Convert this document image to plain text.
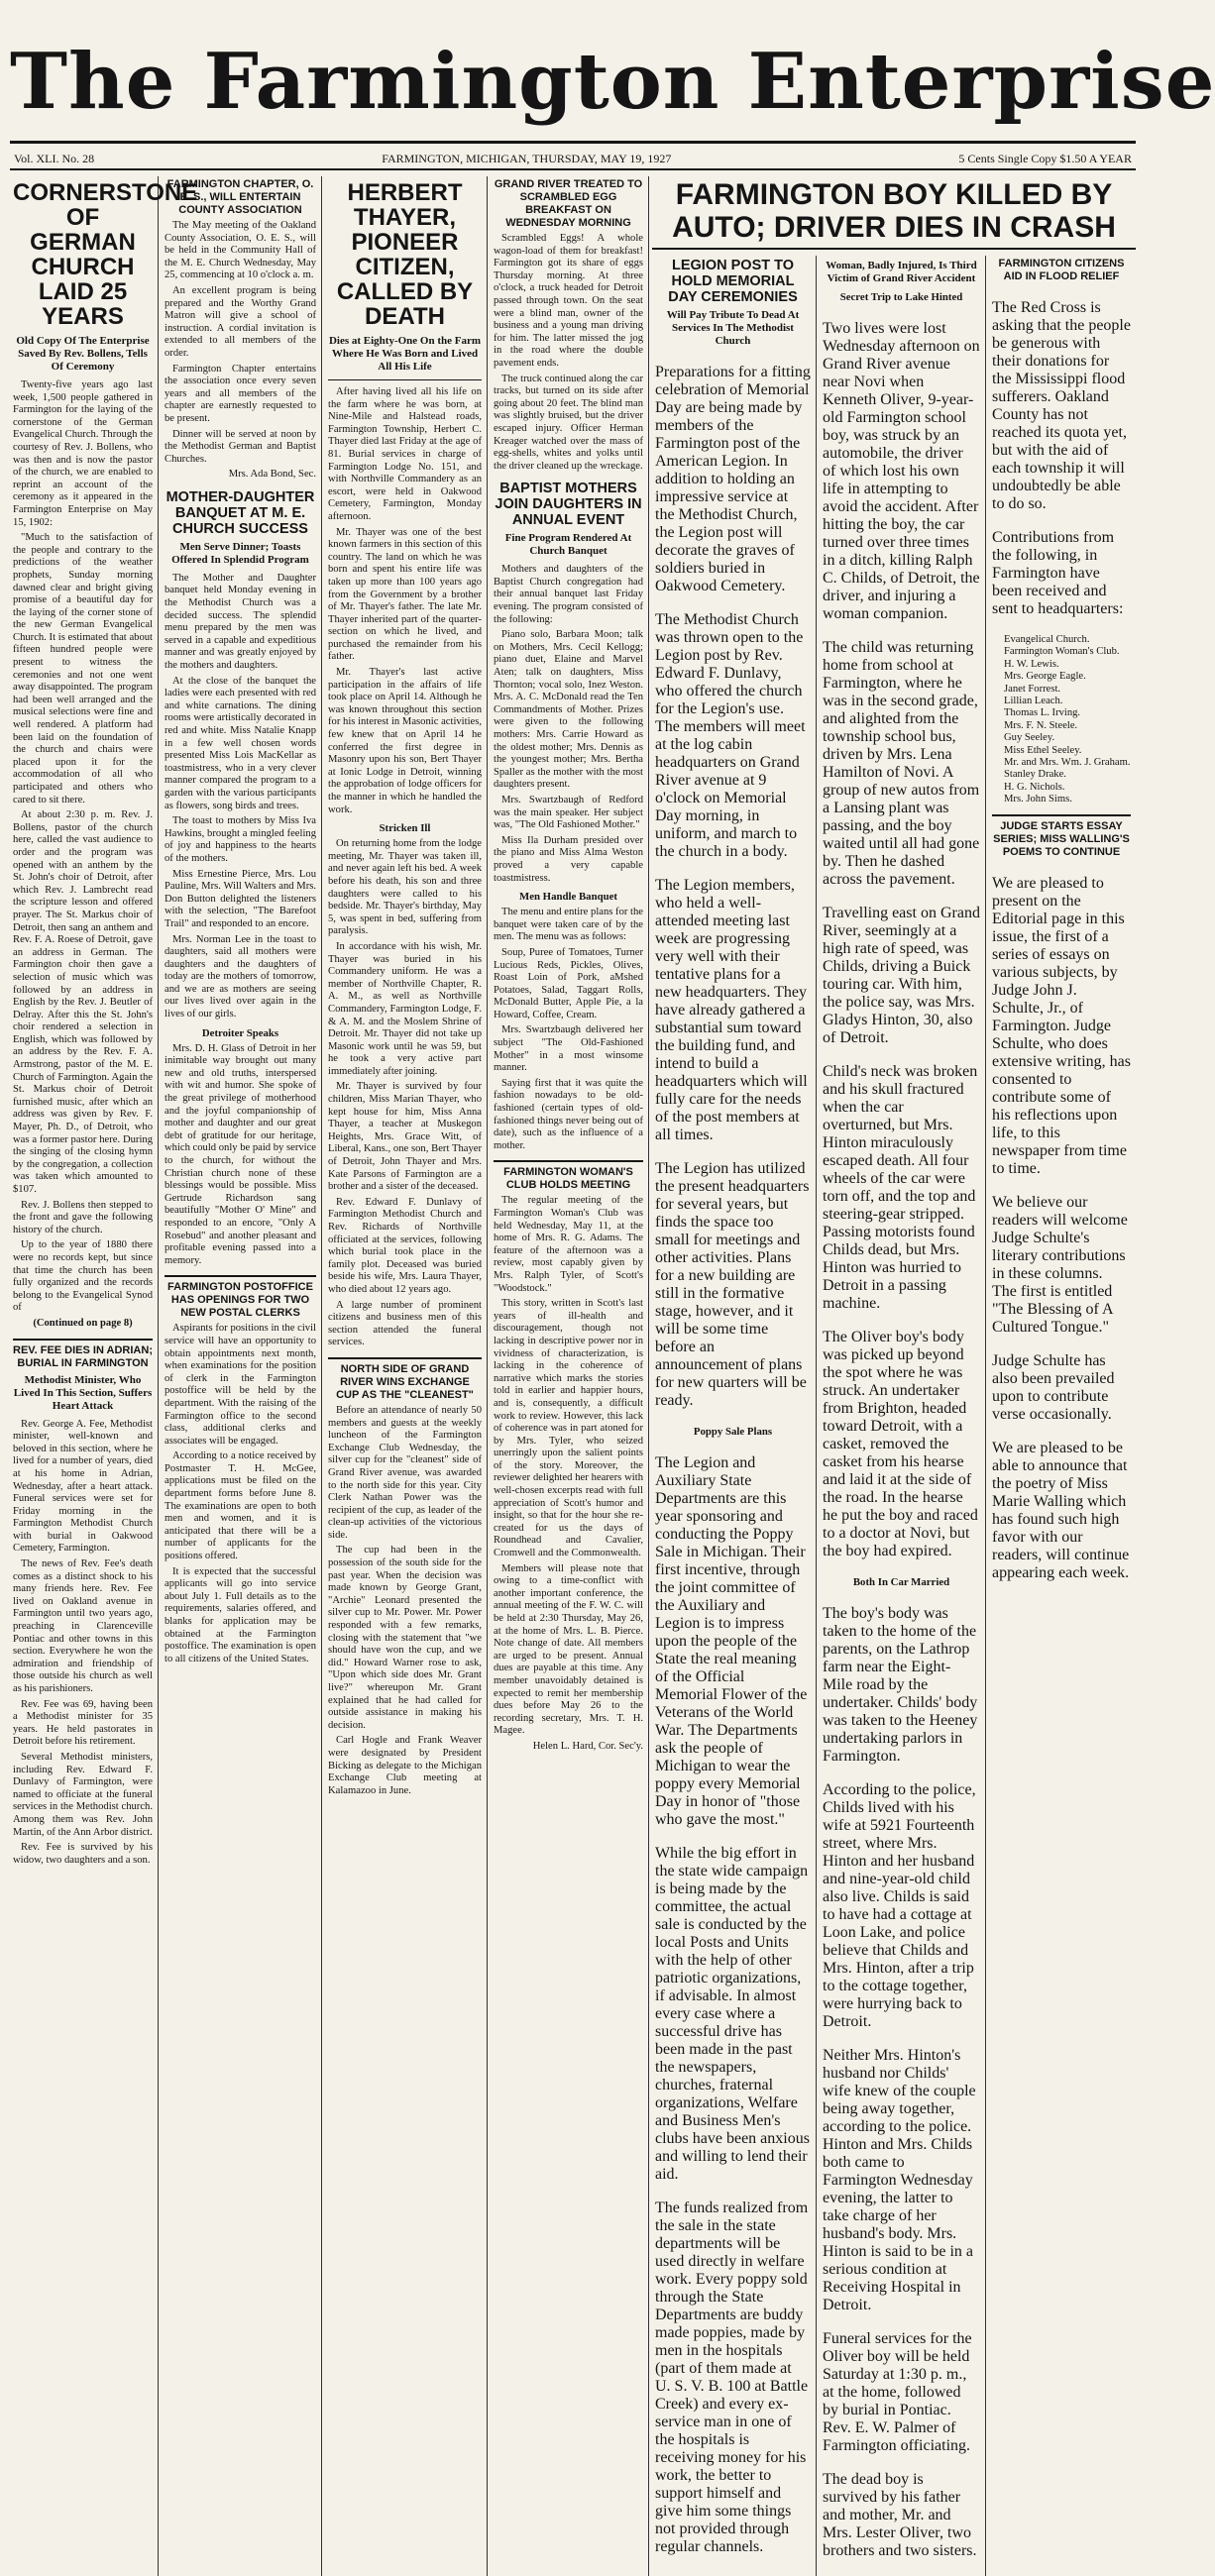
The Farmington Enterprise
Vol. XLI. No. 28	FARMINGTON, MICHIGAN, THURSDAY, MAY 19, 1927	5 Cents Single Copy $1.50 A YEAR
CORNERSTONE OF GERMAN CHURCH LAID 25 YEARS
Old Copy Of The Enterprise Saved By Rev. Bollens, Tells Of Ceremony

Twenty-five years ago last week, 1,500 people gathered in Farmington for the laying of the cornerstone of the German Evangelical Church. Through the courtesy of Rev. J. Bollens, who was then and is now the pastor of the church, we are enabled to reprint an account of the ceremony as it appeared in the Farmington Enterprise on May 15, 1902:

"Much to the satisfaction of the people and contrary to the predictions of the weather prophets, Sunday morning dawned clear and bright giving promise of a beautiful day for the laying of the corner stone of the new German Evangelical Church. It is estimated that about fifteen hundred people were present to witness the ceremonies and not one went away disappointed. The program had been well arranged and the musical selections were fine and well rendered. A platform had been laid on the foundation of the church and chairs were placed upon it for the accommodation of all who participated and others who cared to sit there.

At about 2:30 p. m. Rev. J. Bollens, pastor of the church here, called the vast audience to order and the program was opened with an anthem by the St. John's choir of Detroit, after which Rev. J. Lambrecht read the scripture lesson and offered prayer. The St. Markus choir of Detroit, then sang an anthem and Rev. F. A. Roese of Detroit, gave an address in German. The Farmington choir then gave a selection of music which was followed by an address in English by the Rev. J. Beutler of Delray. After this the St. John's choir rendered a selection in English, which was followed by an address by the Rev. F. A. Armstrong, pastor of the M. E. Church of Farmington. Again the St. Markus choir of Detroit furnished music, after which an address was given by Rev. F. Mayer, Ph. D., of Detroit, who was a former pastor here. During the singing of the closing hymn by the congregation, a collection was taken which amounted to $107.

Rev. J. Bollens then stepped to the front and gave the following history of the church.

Up to the year of 1880 there were no records kept, but since that time the church has been fully organized and the records belong to the Evangelical Synod of

(Continued on page 8)

REV. FEE DIES IN ADRIAN; BURIAL IN FARMINGTON
Methodist Minister, Who Lived In This Section, Suffers Heart Attack

Rev. George A. Fee, Methodist minister, well-known and beloved in this section, where he lived for a number of years, died at his home in Adrian, Wednesday, after a heart attack. Funeral services were set for Friday morning in the Farmington Methodist Church with burial in Oakwood Cemetery, Farmington.

The news of Rev. Fee's death comes as a distinct shock to his many friends here. Rev. Fee lived on Oakland avenue in Farmington until two years ago, preaching in Clarenceville Pontiac and other towns in this section. Everywhere he won the admiration and friendship of those outside his church as well as his parishioners.

Rev. Fee was 69, having been a Methodist minister for 35 years. He held pastorates in Detroit before his retirement.

Several Methodist ministers, including Rev. Edward F. Dunlavy of Farmington, were named to officiate at the funeral services in the Methodist church. Among them was Rev. John Martin, of the Ann Arbor district.

Rev. Fee is survived by his widow, two daughters and a son.

FARMINGTON CHAPTER, O. E. S., WILL ENTERTAIN COUNTY ASSOCIATION

The May meeting of the Oakland County Association, O. E. S., will be held in the Community Hall of the M. E. Church Wednesday, May 25, commencing at 10 o'clock a. m.

An excellent program is being prepared and the Worthy Grand Matron will give a school of instruction. A cordial invitation is extended to all members of the order.

Farmington Chapter entertains the association once every seven years and all members of the chapter are earnestly requested to be present.

Dinner will be served at noon by the Methodist German and Baptist Churches.

Mrs. Ada Bond, Sec.

MOTHER-DAUGHTER BANQUET AT M. E. CHURCH SUCCESS
Men Serve Dinner; Toasts Offered In Splendid Program

The Mother and Daughter banquet held Monday evening in the Methodist Church was a decided success. The splendid menu prepared by the men was served in a capable and expeditious manner and was greatly enjoyed by the mothers and daughters.

At the close of the banquet the ladies were each presented with red and white carnations. The dining rooms were artistically decorated in red and white. Miss Natalie Knapp in a few well chosen words presented Miss Lois MacKellar as toastmistress, who in a very clever manner compared the program to a garden with the various participants as flowers, song birds and trees.

The toast to mothers by Miss Iva Hawkins, brought a mingled feeling of joy and happiness to the hearts of the mothers.

Miss Ernestine Pierce, Mrs. Lou Pauline, Mrs. Will Walters and Mrs. Don Button delighted the listeners with the selection, "The Barefoot Trail" and responded to an encore.

Mrs. Norman Lee in the toast to daughters, said all mothers were daughters and the daughters of today are the mothers of tomorrow, and we are as mothers are seeing our lives lived over again in the lives of our girls.

Detroiter Speaks

Mrs. D. H. Glass of Detroit in her inimitable way brought out many new and old truths, interspersed with wit and humor. She spoke of the great privilege of motherhood and the joyful companionship of mother and daughter and our great debt of gratitude for our heritage, which could only be paid by service to the church, for without the Christian church none of these blessings would be possible. Miss Gertrude Richardson sang beautifully "Mother O' Mine" and responded to an encore, "Only A Rosebud" and another pleasant and profitable evening passed into a memory.

FARMINGTON POSTOFFICE HAS OPENINGS FOR TWO NEW POSTAL CLERKS

Aspirants for positions in the civil service will have an opportunity to obtain appointments next month, when examinations for the position of clerk in the Farmington postoffice will be held by the department. With the raising of the Farmington office to the second class, additional clerks and associates will be engaged.

According to a notice received by Postmaster T. H. McGee, applications must be filed on the department forms before June 8. The examinations are open to both men and women, and it is anticipated that there will be a number of applicants for the positions offered.

It is expected that the successful applicants will go into service about July 1. Full details as to the requirements, salaries offered, and blanks for application may be obtained at the Farmington postoffice. The examination is open to all citizens of the United States.

HERBERT THAYER, PIONEER CITIZEN, CALLED BY DEATH
Dies at Eighty-One On the Farm Where He Was Born and Lived All His Life

After having lived all his life on the farm where he was born, at Nine-Mile and Halstead roads, Farmington Township, Herbert C. Thayer died last Friday at the age of 81. Burial services in charge of Farmington Lodge No. 151, and with Northville Commandery as an escort, were held in Oakwood Cemetery, Farmington, Monday afternoon.

Mr. Thayer was one of the best known farmers in this section of this country. The land on which he was born and spent his entire life was taken up more than 100 years ago from the Government by a brother of Mr. Thayer's father. The late Mr. Thayer inherited part of the quarter-section on which he lived, and purchased the remainder from his father.

Mr. Thayer's last active participation in the affairs of life took place on April 14. Although he was known throughout this section for his interest in Masonic activities, few knew that on April 14 he conferred the first degree in Masonry upon his son, Bert Thayer at Ionic Lodge in Detroit, winning the approbation of lodge officers for the manner in which he handled the work.

Stricken Ill

On returning home from the lodge meeting, Mr. Thayer was taken ill, and never again left his bed. A week before his death, his son and three daughters were called to his bedside. Mr. Thayer's birthday, May 5, was spent in bed, suffering from paralysis.

In accordance with his wish, Mr. Thayer was buried in his Commandery uniform. He was a member of Northville Chapter, R. A. M., as well as Northville Commandery, Farmington Lodge, F. & A. M. and the Moslem Shrine of Detroit. Mr. Thayer did not take up Masonic work until he was 59, but he took a very active part immediately after joining.

Mr. Thayer is survived by four children, Miss Marian Thayer, who kept house for him, Miss Anna Thayer, a teacher at Muskegon Heights, Mrs. Grace Witt, of Liberal, Kans., one son, Bert Thayer of Detroit, John Thayer and Mrs. Kate Parsons of Farmington are a brother and a sister of the deceased.

Rev. Edward F. Dunlavy of Farmington Methodist Church and Rev. Richards of Northville officiated at the services, following which burial took place in the family plot. Deceased was buried beside his wife, Mrs. Laura Thayer, who died about 12 years ago.

A large number of prominent citizens and business men of this section attended the funeral services.

NORTH SIDE OF GRAND RIVER WINS EXCHANGE CUP AS THE "CLEANEST"

Before an attendance of nearly 50 members and guests at the weekly luncheon of the Farmington Exchange Club Wednesday, the silver cup for the "cleanest" side of Grand River avenue, was awarded to the north side for this year. City Clerk Nathan Power was the recipient of the cup, as leader of the clean-up activities of the victorious side.

The cup had been in the possession of the south side for the past year. When the decision was made known by George Grant, "Archie" Leonard presented the silver cup to Mr. Power. Mr. Power responded with a few remarks, closing with the statement that "we should have won the cup, and we did." Howard Warner rose to ask, "Upon which side does Mr. Grant live?" whereupon Mr. Grant explained that he had called for outside assistance in making his decision.

Carl Hogle and Frank Weaver were designated by President Bicking as delegate to the Michigan Exchange Club meeting at Kalamazoo in June.

GRAND RIVER TREATED TO SCRAMBLED EGG BREAKFAST ON WEDNESDAY MORNING

Scrambled Eggs! A whole wagon-load of them for breakfast! Farmington got its share of eggs Thursday morning. At three o'clock, a truck headed for Detroit passed through town. On the seat were a blind man, owner of the business and a young man driving for him. The latter missed the jog in the road where the double pavement ends.

The truck continued along the car tracks, but turned on its side after going about 20 feet. The blind man was slightly bruised, but the driver escaped injury. Officer Herman Kreager watched over the mass of egg-shells, whites and yolks until the driver cleaned up the wreckage.

BAPTIST MOTHERS JOIN DAUGHTERS IN ANNUAL EVENT
Fine Program Rendered At Church Banquet

Mothers and daughters of the Baptist Church congregation had their annual banquet last Friday evening. The program consisted of the following:

Piano solo, Barbara Moon; talk on Mothers, Mrs. Cecil Kellogg; piano duet, Elaine and Marvel Aten; talk on daughters, Miss Thornton; vocal solo, Inez Weston. Mrs. A. C. McDonald read the Ten Commandments of Mother. Prizes were given to the following mothers: Mrs. Carrie Howard as the oldest mother; Mrs. Dennis as the youngest mother; Mrs. Bertha Spaller as the mother with the most daughters present.

Mrs. Swartzbaugh of Redford was the main speaker. Her subject was, "The Old Fashioned Mother."

Miss Ila Durham presided over the piano and Miss Alma Weston proved a very capable toastmistress.

Men Handle Banquet

The menu and entire plans for the banquet were taken care of by the men. The menu was as follows:

Soup, Puree of Tomatoes, Turner Lucious Reds, Pickles, Olives, Roast Loin of Pork, aMshed Potatoes, Salad, Taggart Rolls, McDonald Butter, Apple Pie, a la Howard, Coffee, Cream.

Mrs. Swartzbaugh delivered her subject "The Old-Fashioned Mother" in a most winsome manner.

Saying first that it was quite the fashion nowadays to be old-fashioned (certain types of old-fashioned things never being out of date), such as the influence of a mother.

FARMINGTON WOMAN'S CLUB HOLDS MEETING

The regular meeting of the Farmington Woman's Club was held Wednesday, May 11, at the home of Mrs. R. G. Adams. The feature of the afternoon was a review, most capably given by Mrs. Ralph Tyler, of Scott's "Woodstock."

This story, written in Scott's last years of ill-health and discouragement, though not lacking in descriptive power nor in vividness of characterization, is lacking in the coherence of narrative which marks the stories told in earlier and happier hours, and is, consequently, a difficult work to review. However, this lack of coherence was in part atoned for by Mrs. Tyler, who seized unerringly upon the salient points of the story. Moreover, the reviewer delighted her hearers with well-chosen excerpts read with full appreciation of Scott's humor and insight, so that for the hour she re-created for us the days of Roundhead and Cavalier, Cromwell and the Commonwealth.

Members will please note that owing to a time-conflict with another important conference, the annual meeting of the F. W. C. will be held at 2:30 Thursday, May 26, at the home of Mrs. L. B. Pierce. Note change of date. All members are urged to be present. Annual dues are payable at this time. Any member unavoidably detained is expected to remit her membership dues before May 26 to the recording secretary, Mrs. T. H. Magee.

Helen L. Hard, Cor. Sec'y.

FARMINGTON BOY KILLED BY AUTO; DRIVER DIES IN CRASH
LEGION POST TO HOLD MEMORIAL DAY CEREMONIES
Will Pay Tribute To Dead At Services In The Methodist Church

Preparations for a fitting celebration of Memorial Day are being made by members of the Farmington post of the American Legion. In addition to holding an impressive service at the Methodist Church, the Legion post will decorate the graves of soldiers buried in Oakwood Cemetery.

The Methodist Church was thrown open to the Legion post by Rev. Edward F. Dunlavy, who offered the church for the Legion's use. The members will meet at the log cabin headquarters on Grand River avenue at 9 o'clock on Memorial Day morning, in uniform, and march to the church in a body.

The Legion members, who held a well-attended meeting last week are progressing very well with their tentative plans for a new headquarters. They have already gathered a substantial sum toward the building fund, and intend to build a headquarters which will fully care for the needs of the post members at all times.

The Legion has utilized the present headquarters for several years, but finds the space too small for meetings and other activities. Plans for a new building are still in the formative stage, however, and it will be some time before an announcement of plans for new quarters will be ready.

Poppy Sale Plans

The Legion and Auxiliary State Departments are this year sponsoring and conducting the Poppy Sale in Michigan. Their first incentive, through the joint committee of the Auxiliary and Legion is to impress upon the people of the State the real meaning of the Official Memorial Flower of the Veterans of the World War. The Departments ask the people of Michigan to wear the poppy every Memorial Day in honor of "those who gave the most."

While the big effort in the state wide campaign is being made by the committee, the actual sale is conducted by the local Posts and Units with the help of other patriotic organizations, if advisable. In almost every case where a successful drive has been made in the past the newspapers, churches, fraternal organizations, Welfare and Business Men's clubs have been anxious and willing to lend their aid.

The funds realized from the sale in the state departments will be used directly in welfare work. Every poppy sold through the State Departments are buddy made poppies, made by men in the hospitals (part of them made at U. S. V. B. 100 at Battle Creek) and every ex-service man in one of the hospitals is receiving money for his work, the better to support himself and give him some things not provided through regular channels.

Woman, Badly Injured, Is Third Victim of Grand River Accident
Secret Trip to Lake Hinted

Two lives were lost Wednesday afternoon on Grand River avenue near Novi when Kenneth Oliver, 9-year-old Farmington school boy, was struck by an automobile, the driver of which lost his own life in attempting to avoid the accident. After hitting the boy, the car turned over three times in a ditch, killing Ralph C. Childs, of Detroit, the driver, and injuring a woman companion.

The child was returning home from school at Farmington, where he was in the second grade, and alighted from the township school bus, driven by Mrs. Lena Hamilton of Novi. A group of new autos from a Lansing plant was passing, and the boy waited until all had gone by. Then he dashed across the pavement.

Travelling east on Grand River, seemingly at a high rate of speed, was Childs, driving a Buick touring car. With him, the police say, was Mrs. Gladys Hinton, 30, also of Detroit.

Child's neck was broken and his skull fractured when the car overturned, but Mrs. Hinton miraculously escaped death. All four wheels of the car were torn off, and the top and steering-gear stripped. Passing motorists found Childs dead, but Mrs. Hinton was hurried to Detroit in a passing machine.

The Oliver boy's body was picked up beyond the spot where he was struck. An undertaker from Brighton, headed toward Detroit, with a casket, removed the casket from his hearse and laid it at the side of the road. In the hearse he put the boy and raced to a doctor at Novi, but the boy had expired.

Both In Car Married

The boy's body was taken to the home of the parents, on the Lathrop farm near the Eight-Mile road by the undertaker. Childs' body was taken to the Heeney undertaking parlors in Farmington.

According to the police, Childs lived with his wife at 5921 Fourteenth street, where Mrs. Hinton and her husband and nine-year-old child also live. Childs is said to have had a cottage at Loon Lake, and police believe that Childs and Mrs. Hinton, after a trip to the cottage together, were hurrying back to Detroit.

Neither Mrs. Hinton's husband nor Childs' wife knew of the couple being away together, according to the police. Hinton and Mrs. Childs both came to Farmington Wednesday evening, the latter to take charge of her husband's body. Mrs. Hinton is said to be in a serious condition at Receiving Hospital in Detroit.

Funeral services for the Oliver boy will be held Saturday at 1:30 p. m., at the home, followed by burial in Pontiac. Rev. E. W. Palmer of Farmington officiating.

The dead boy is survived by his father and mother, Mr. and Mrs. Lester Oliver, two brothers and two sisters.

FARMINGTON CITIZENS AID IN FLOOD RELIEF

The Red Cross is asking that the people be generous with their donations for the Mississippi flood sufferers. Oakland County has not reached its quota yet, but with the aid of each township it will undoubtedly be able to do so.

Contributions from the following, in Farmington have been received and sent to headquarters:

Evangelical Church.
Farmington Woman's Club.
H. W. Lewis.
Mrs. George Eagle.
Janet Forrest.
Lillian Leach.
Thomas L. Irving.
Mrs. F. N. Steele.
Guy Seeley.
Miss Ethel Seeley.
Mr. and Mrs. Wm. J. Graham.
Stanley Drake.
H. G. Nichols.
Mrs. John Sims.
JUDGE STARTS ESSAY SERIES; MISS WALLING'S POEMS TO CONTINUE

We are pleased to present on the Editorial page in this issue, the first of a series of essays on various subjects, by Judge John J. Schulte, Jr., of Farmington. Judge Schulte, who does extensive writing, has consented to contribute some of his reflections upon life, to this newspaper from time to time.

We believe our readers will welcome Judge Schulte's literary contributions in these columns. The first is entitled "The Blessing of A Cultured Tongue."

Judge Schulte has also been prevailed upon to contribute verse occasionally.

We are pleased to be able to announce that the poetry of Miss Marie Walling which has found such high favor with our readers, will continue appearing each week.
